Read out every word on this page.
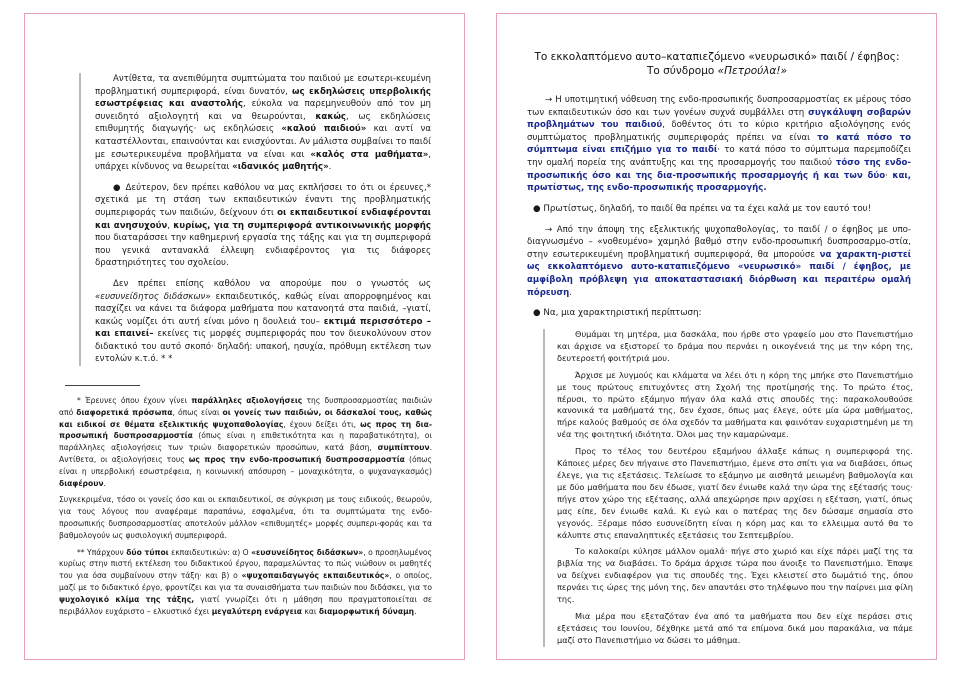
Αντίθετα, τα ανεπιθύμητα συμπτώματα του παιδιού με εσωτερι-κευμένη προβληματική συμπεριφορά, είναι δυνατόν, ως εκδηλώσεις υπερβολικής εσωστρέφειας και αναστολής, εύκολα να παρεμηνευθούν από τον μη συνειδητό αξιολογητή και να θεωρούνται, κακώς, ως εκδηλώσεις επιθυμητής διαγωγής· ως εκδηλώσεις «καλού παιδιού» και αντί να καταστέλλονται, επαινούνται και ενισχύονται. Αν μάλιστα συμβαίνει το παιδί με εσωτερικευμένα προβλήματα να είναι και «καλός στα μαθήματα», υπάρχει κίνδυνος να θεωρείται «ιδανικός μαθητής».

● Δεύτερον, δεν πρέπει καθόλου να μας εκπλήσσει το ότι οι έρευνες,* σχετικά με τη στάση των εκπαιδευτικών έναντι της προβληματικής συμπεριφοράς των παιδιών, δείχνουν ότι οι εκπαιδευτικοί ενδιαφέρονται και ανησυχούν, κυρίως, για τη συμπεριφορά αντικοινωνικής μορφής που διαταράσσει την καθημερινή εργασία της τάξης και για τη συμπεριφορά που γενικά αντανακλά έλλειψη ενδιαφέροντος για τις διάφορες δραστηριότητες του σχολείου.

Δεν πρέπει επίσης καθόλου να απορούμε που ο γνωστός ως «ευσυνείδητος διδάσκων» εκπαιδευτικός, καθώς είναι απορροφημένος και πασχίζει να κάνει τα διάφορα μαθήματα που κατανοητά στα παιδιά, –γιατί, κακώς νομίζει ότι αυτή είναι μόνο η δουλειά του– εκτιμά περισσότερο –και επαινεί– εκείνες τις μορφές συμπεριφοράς που τον διευκολύνουν στον διδακτικό του αυτό σκοπό· δηλαδή: υπακοή, ησυχία, πρόθυμη εκτέλεση των εντολών κ.τ.ό. * *

* Έρευνες όπου έχουν γίνει παράλληλες αξιολογήσεις της δυσπροσαρμοστίας παιδιών από διαφορετικά πρόσωπα, όπως είναι οι γονείς των παιδιών, οι δάσκαλοί τους, καθώς και ειδικοί σε θέματα εξελικτικής ψυχοπαθολογίας, έχουν δείξει ότι, ως προς τη δια-προσωπική δυσπροσαρμοστία (όπως είναι η επιθετικότητα και η παραβατικότητα), οι παράλληλες αξιολογήσεις των τριών διαφορετικών προσώπων, κατά βάση, συμπίπτουν. Αντίθετα, οι αξιολογήσεις τους ως προς την ενδο-προσωπική δυσπροσαρμοστία (όπως είναι η υπερβολική εσωστρέφεια, η κοινωνική απόσυρση – μοναχικότητα, ο ψυχαναγκασμός) διαφέρουν.

Συγκεκριμένα, τόσο οι γονείς όσο και οι εκπαιδευτικοί, σε σύγκριση με τους ειδικούς, θεωρούν, για τους λόγους που αναφέραμε παραπάνω, εσφαλμένα, ότι τα συμπτώματα της ενδο-προσωπικής δυσπροσαρμοστίας αποτελούν μάλλον «επιθυμητές» μορφές συμπερι-φοράς και τα βαθμολογούν ως φυσιολογική συμπεριφορά.

** Υπάρχουν δύο τύποι εκπαιδευτικών: α) Ο «ευσυνείδητος διδάσκων», ο προσηλωμένος κυρίως στην πιστή εκτέλεση του διδακτικού έργου, παραμελώντας το πώς νιώθουν οι μαθητές του για όσα συμβαίνουν στην τάξη· και β) ο «ψυχοπαιδαγωγός εκπαιδευτικός», ο οποίος, μαζί με το διδακτικό έργο, φροντίζει και για τα συναισθήματα των παιδιών που διδάσκει, για το ψυχολογικό κλίμα της τάξης, γιατί γνωρίζει ότι η μάθηση που πραγματοποιείται σε περιβάλλον ευχάριστο – ελκυστικό έχει μεγαλύτερη ενάργεια και διαμορφωτική δύναμη.

Το εκκολαπτόμενο αυτο–καταπιεζόμενο «νευρωσικό» παιδί / έφηβος:
Το σύνδρομο «Πετρούλα!»

→ Η υποτιμητική νόθευση της ενδο-προσωπικής δυσπροσαρμοστίας εκ μέρους τόσο των εκπαιδευτικών όσο και των γονέων συχνά συμβάλλει στη συγκάλυψη σοβαρών προβλημάτων του παιδιού, δοθέντος ότι το κύριο κριτήριο αξιολόγησης ενός συμπτώματος προβληματικής συμπεριφοράς πρέπει να είναι το κατά πόσο το σύμπτωμα είναι επιζήμιο για το παιδί· το κατά πόσο το σύμπτωμα παρεμποδίζει την ομαλή πορεία της ανάπτυξης και της προσαρμογής του παιδιού τόσο της ενδο-προσωπικής όσο και της δια-προσωπικής προσαρμογής ή και των δύο· και, πρωτίστως, της ενδο-προσωπικής προσαρμογής.

● Πρωτίστως, δηλαδή, το παιδί θα πρέπει να τα έχει καλά με τον εαυτό του!

→ Από την άποψη της εξελικτικής ψυχοπαθολογίας, το παιδί / ο έφηβος με υπο-διαγνωσμένο – «νοθευμένο» χαμηλό βαθμό στην ενδο-προσωπική δυσπροσαρμο-στία, στην εσωτερικευμένη προβληματική συμπεριφορά, θα μπορούσε να χαρακτη-ριστεί ως εκκολαπτόμενο αυτο-καταπιεζόμενο «νευρωσικό» παιδί / έφηβος, με αμφίβολη πρόβλεψη για αποκαταστασιακή διόρθωση και περαιτέρω ομαλή πόρευση.

● Να, μια χαρακτηριστική περίπτωση:

Θυμάμαι τη μητέρα, μια δασκάλα, που ήρθε στο γραφείο μου στο Πανεπιστήμιο και άρχισε να εξιστορεί το δράμα που περνάει η οικογένειά της με την κόρη της, δευτεροετή φοιτήτριά μου.

Άρχισε με λυγμούς και κλάματα να λέει ότι η κόρη της μπήκε στο Πανεπιστήμιο με τους πρώτους επιτυχόντες στη Σχολή της προτίμησής της. Το πρώτο έτος, πέρυσι, το πρώτο εξάμηνο πήγαν όλα καλά στις σπουδές της: παρακολουθούσε κανονικά τα μαθήματά της, δεν έχασε, όπως μας έλεγε, ούτε μία ώρα μαθήματος, πήρε καλούς βαθμούς σε όλα σχεδόν τα μαθήματα και φαινόταν ευχαριστημένη με τη νέα της φοιτητική ιδιότητα. Όλοι μας την καμαρώναμε.

Προς το τέλος του δευτέρου εξαμήνου άλλαξε κάπως η συμπεριφορά της. Κάποιες μέρες δεν πήγαινε στο Πανεπιστήμιο, έμενε στο σπίτι για να διαβάσει, όπως έλεγε, για τις εξετάσεις. Τελείωσε το εξάμηνο με αισθητά μειωμένη βαθμολογία και με δύο μαθήματα που δεν έδωσε, γιατί δεν ένιωθε καλά την ώρα της εξέτασής τους· πήγε στον χώρο της εξέτασης, αλλά απεχώρησε πριν αρχίσει η εξέταση, γιατί, όπως μας είπε, δεν ένιωθε καλά. Κι εγώ και ο πατέρας της δεν δώσαμε σημασία στο γεγονός. Ξέραμε πόσο ευσυνείδητη είναι η κόρη μας και το ελλειμμα αυτό θα το κάλυπτε στις επαναληπτικές εξετάσεις του Σεπτεμβρίου.

Το καλοκαίρι κύλησε μάλλον ομαλά· πήγε στο χωριό και είχε πάρει μαζί της τα βιβλία της να διαβάσει. Το δράμα άρχισε τώρα που άνοιξε το Πανεπιστήμιο. Έπαψε να δείχνει ενδιαφέρον για τις σπουδές της. Έχει κλειστεί στο δωμάτιό της, όπου περνάει τις ώρες της μόνη της, δεν απαντάει στο τηλέφωνο που την παίρνει μια φίλη της.

Μια μέρα που εξεταζόταν ένα από τα μαθήματα που δεν είχε περάσει στις εξετάσεις του Ιουνίου, δέχθηκε μετά από τα επίμονα δικά μου παρακάλια, να πάμε μαζί στο Πανεπιστήμιο να δώσει το μάθημα.
